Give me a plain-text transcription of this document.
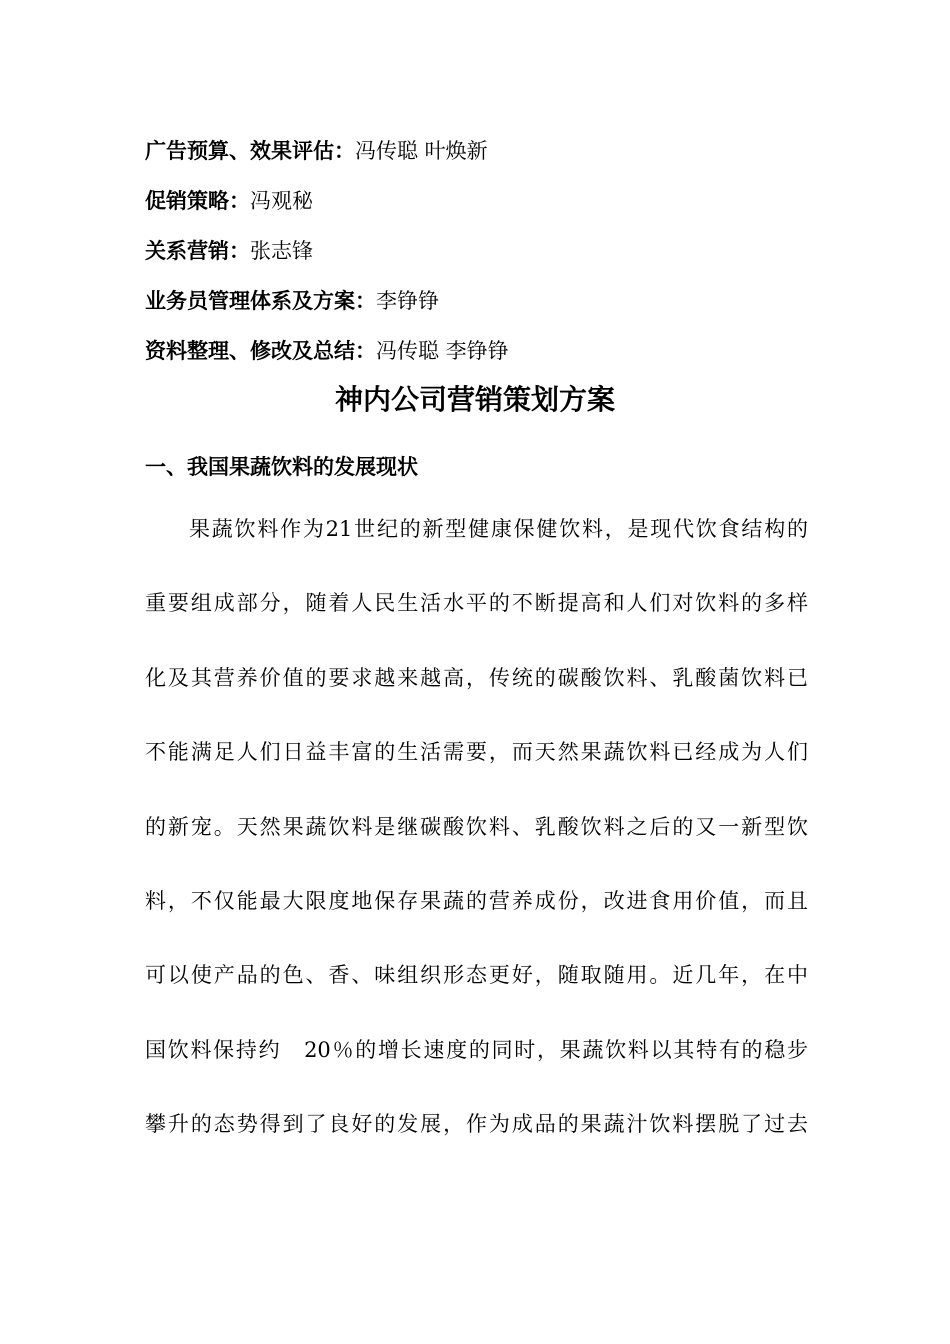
广告预算、效果评估：冯传聪 叶焕新
促销策略：冯观秘
关系营销：张志锋
业务员管理体系及方案：李铮铮
资料整理、修改及总结：冯传聪 李铮铮
神内公司营销策划方案
一、我国果蔬饮料的发展现状
果蔬饮料作为21世纪的新型健康保健饮料，是现代饮食结构的
重要组成部分，随着人民生活水平的不断提高和人们对饮料的多样
化及其营养价值的要求越来越高，传统的碳酸饮料、乳酸菌饮料已
不能满足人们日益丰富的生活需要，而天然果蔬饮料已经成为人们
的新宠。天然果蔬饮料是继碳酸饮料、乳酸饮料之后的又一新型饮
料，不仅能最大限度地保存果蔬的营养成份，改进食用价值，而且
可以使产品的色、香、味组织形态更好，随取随用。近几年，在中
国饮料保持约　20％的增长速度的同时，果蔬饮料以其特有的稳步
攀升的态势得到了良好的发展，作为成品的果蔬汁饮料摆脱了过去
